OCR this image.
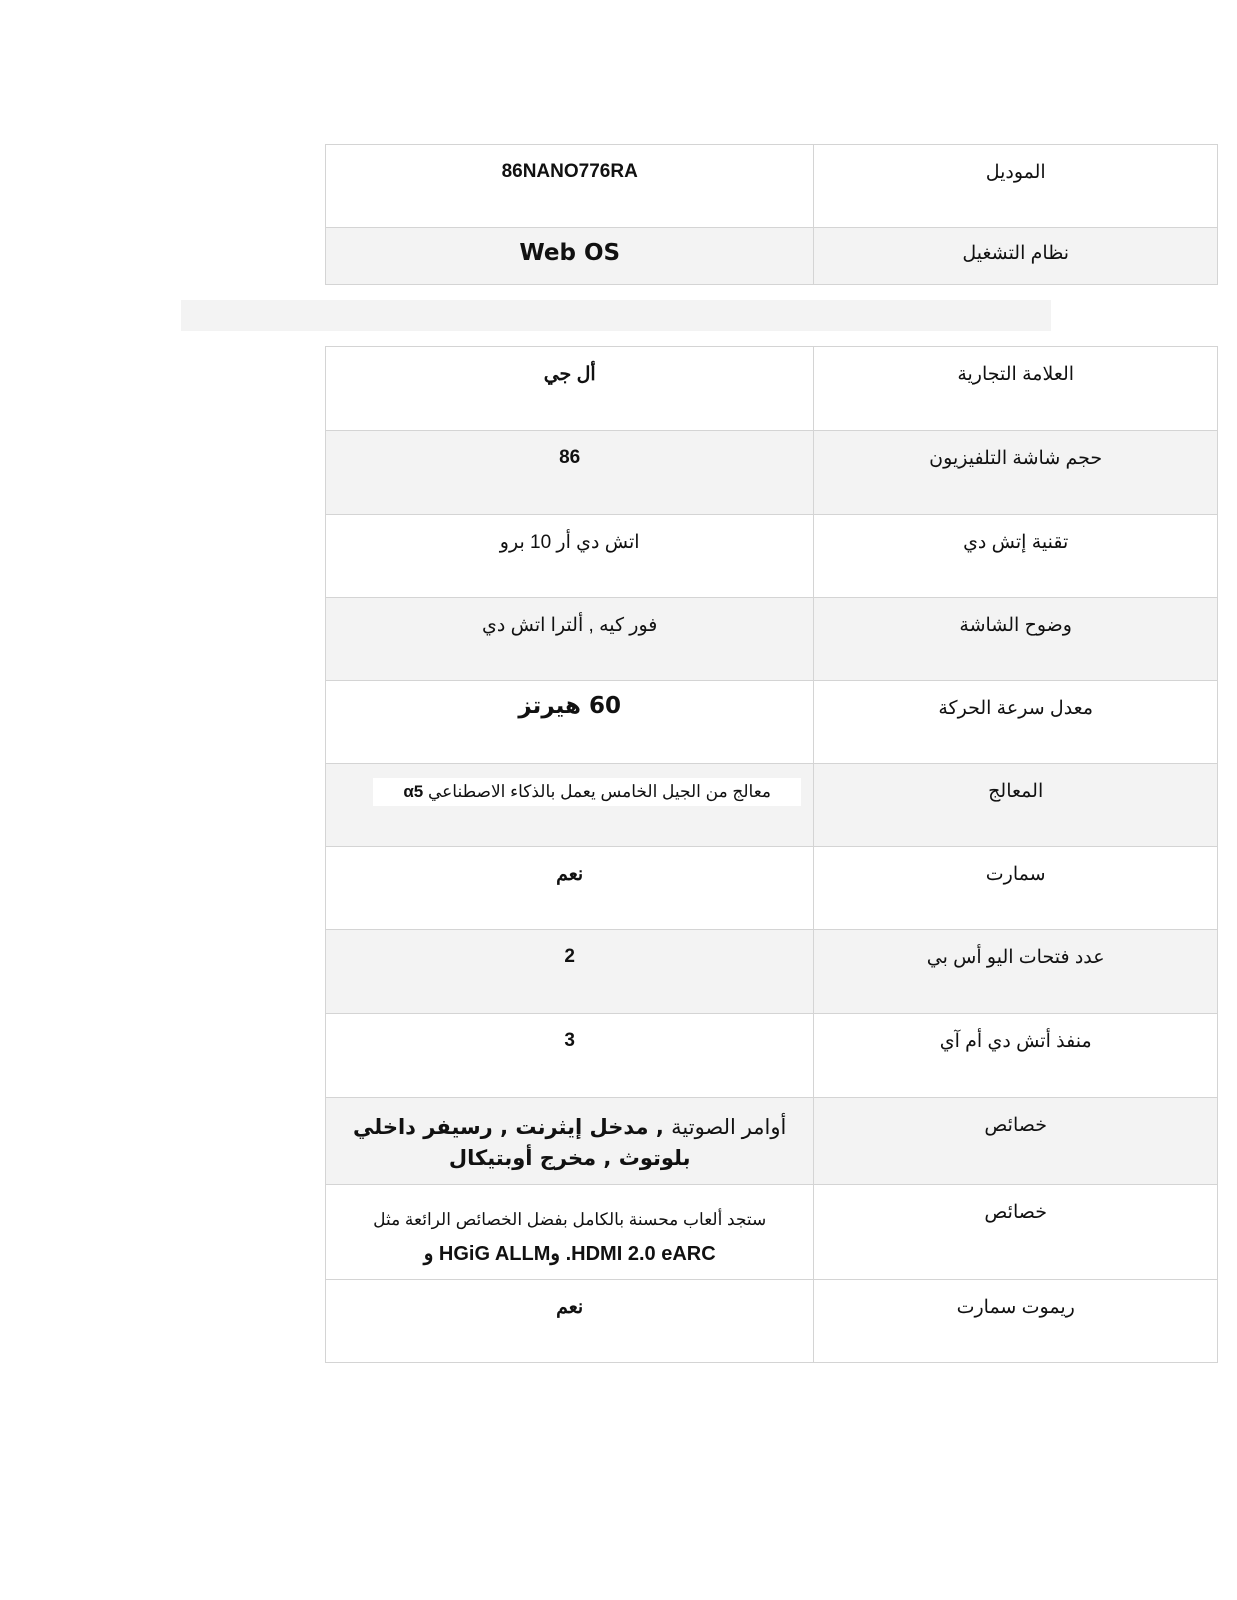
الموديل	86NANO776RA

نظام التشغيل	Web OS
العلامة التجارية	أل جي

حجم شاشة التلفيزيون	86

تقنية إتش دي	اتش دي أر 10 برو

وضوح الشاشة	فور كيه , ألترا اتش دي

معدل سرعة الحركة	60 هيرتز

المعالج	معالج من الجيل الخامس يعمل بالذكاء الاصطناعي α5

سمارت	نعم

عدد فتحات اليو أس بي	2

منفذ أتش دي أم آي	3

خصائص	أوامر الصوتية , مدخل إيثرنت , رسيفر داخلي بلوتوث , مخرج أوبتيكال

خصائص	ستجد ألعاب محسنة بالكامل بفضل الخصائص الرائعة مثل
HDMI 2.0 eARC. وHGiG ALLM و

ريموت سمارت	نعم
